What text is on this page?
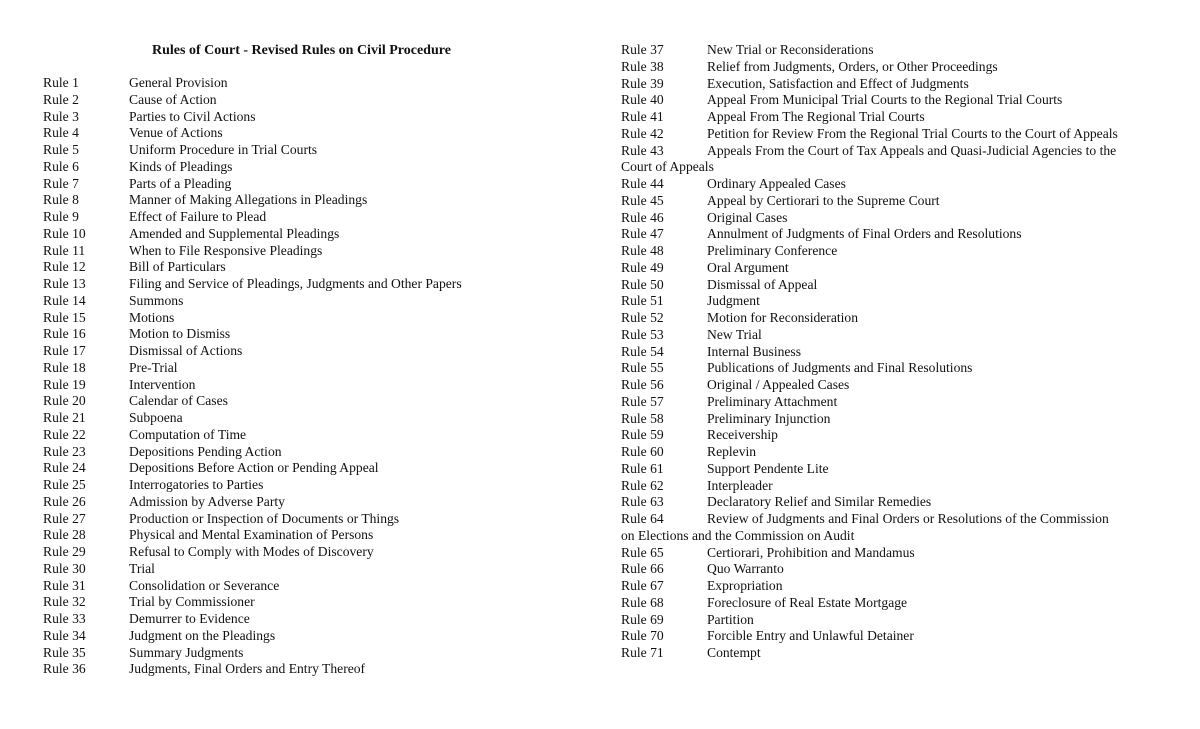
Rules of Court - Revised Rules on Civil Procedure
Rule 1	General Provision
Rule 2	Cause of Action
Rule 3	Parties to Civil Actions
Rule 4	Venue of Actions
Rule 5	Uniform Procedure in Trial Courts
Rule 6	Kinds of Pleadings
Rule 7	Parts of a Pleading
Rule 8	Manner of Making Allegations in Pleadings
Rule 9	Effect of Failure to Plead
Rule 10	Amended and Supplemental Pleadings
Rule 11	When to File Responsive Pleadings
Rule 12	Bill of Particulars
Rule 13	Filing and Service of Pleadings, Judgments and Other Papers
Rule 14	Summons
Rule 15	Motions
Rule 16	Motion to Dismiss
Rule 17	Dismissal of Actions
Rule 18	Pre-Trial
Rule 19	Intervention
Rule 20	Calendar of Cases
Rule 21	Subpoena
Rule 22	Computation of Time
Rule 23	Depositions Pending Action
Rule 24	Depositions Before Action or Pending Appeal
Rule 25	Interrogatories to Parties
Rule 26	Admission by Adverse Party
Rule 27	Production or Inspection of Documents or Things
Rule 28	Physical and Mental Examination of Persons
Rule 29	Refusal to Comply with Modes of Discovery
Rule 30	Trial
Rule 31	Consolidation or Severance
Rule 32	Trial by Commissioner
Rule 33	Demurrer to Evidence
Rule 34	Judgment on the Pleadings
Rule 35	Summary Judgments
Rule 36	Judgments, Final Orders and Entry Thereof
Rule 37	New Trial or Reconsiderations
Rule 38	Relief from Judgments, Orders, or Other Proceedings
Rule 39	Execution, Satisfaction and Effect of Judgments
Rule 40	Appeal From Municipal Trial Courts to the Regional Trial Courts
Rule 41	Appeal From The Regional Trial Courts
Rule 42	Petition for Review From the Regional Trial Courts to the Court of Appeals
Rule 43	Appeals From the Court of Tax Appeals and Quasi-Judicial Agencies to the
Court of Appeals
Rule 44	Ordinary Appealed Cases
Rule 45	Appeal by Certiorari to the Supreme Court
Rule 46	Original Cases
Rule 47	Annulment of Judgments of Final Orders and Resolutions
Rule 48	Preliminary Conference
Rule 49	Oral Argument
Rule 50	Dismissal of Appeal
Rule 51	Judgment
Rule 52	Motion for Reconsideration
Rule 53	New Trial
Rule 54	Internal Business
Rule 55	Publications of Judgments and Final Resolutions
Rule 56	Original / Appealed Cases
Rule 57	Preliminary Attachment
Rule 58	Preliminary Injunction
Rule 59	Receivership
Rule 60	Replevin
Rule 61	Support Pendente Lite
Rule 62	Interpleader
Rule 63	Declaratory Relief and Similar Remedies
Rule 64	Review of Judgments and Final Orders or Resolutions of the Commission
on Elections and the Commission on Audit
Rule 65	Certiorari, Prohibition and Mandamus
Rule 66	Quo Warranto
Rule 67	Expropriation
Rule 68	Foreclosure of Real Estate Mortgage
Rule 69	Partition
Rule 70	Forcible Entry and Unlawful Detainer
Rule 71	Contempt
